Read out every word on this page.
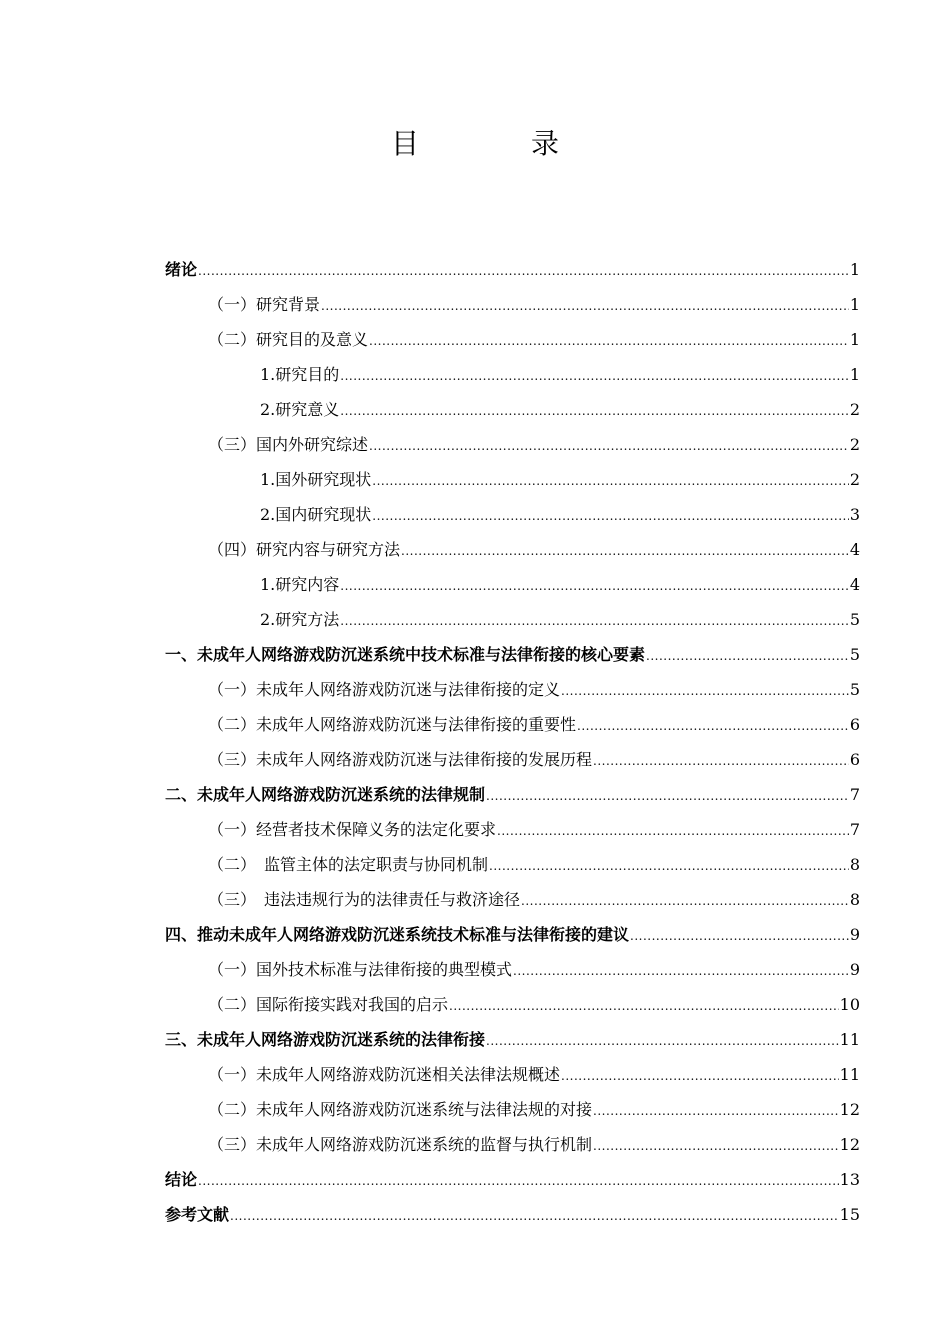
目　录
绪论 .....	1
（一）研究背景 .....	1
（二）研究目的及意义 .....	1
1.研究目的 .....	1
2.研究意义 .....	2
（三）国内外研究综述 .....	2
1.国外研究现状 .....	2
2.国内研究现状 .....	3
（四）研究内容与研究方法 .....	4
1.研究内容 .....	4
2.研究方法 .....	5
一、未成年人网络游戏防沉迷系统中技术标准与法律衔接的核心要素 .....	5
（一）未成年人网络游戏防沉迷与法律衔接的定义 .....	5
（二）未成年人网络游戏防沉迷与法律衔接的重要性 .....	6
（三）未成年人网络游戏防沉迷与法律衔接的发展历程 .....	6
二、未成年人网络游戏防沉迷系统的法律规制 .....	7
（一）经营者技术保障义务的法定化要求 .....	7
（二）　监管主体的法定职责与协同机制 .....	8
（三）　违法违规行为的法律责任与救济途径 .....	8
四、推动未成年人网络游戏防沉迷系统技术标准与法律衔接的建议 .....	9
（一）国外技术标准与法律衔接的典型模式 .....	9
（二）国际衔接实践对我国的启示 .....	10
三、未成年人网络游戏防沉迷系统的法律衔接 .....	11
（一）未成年人网络游戏防沉迷相关法律法规概述 .....	11
（二）未成年人网络游戏防沉迷系统与法律法规的对接 .....	12
（三）未成年人网络游戏防沉迷系统的监督与执行机制 .....	12
结论 .....	13
参考文献 .....	15
